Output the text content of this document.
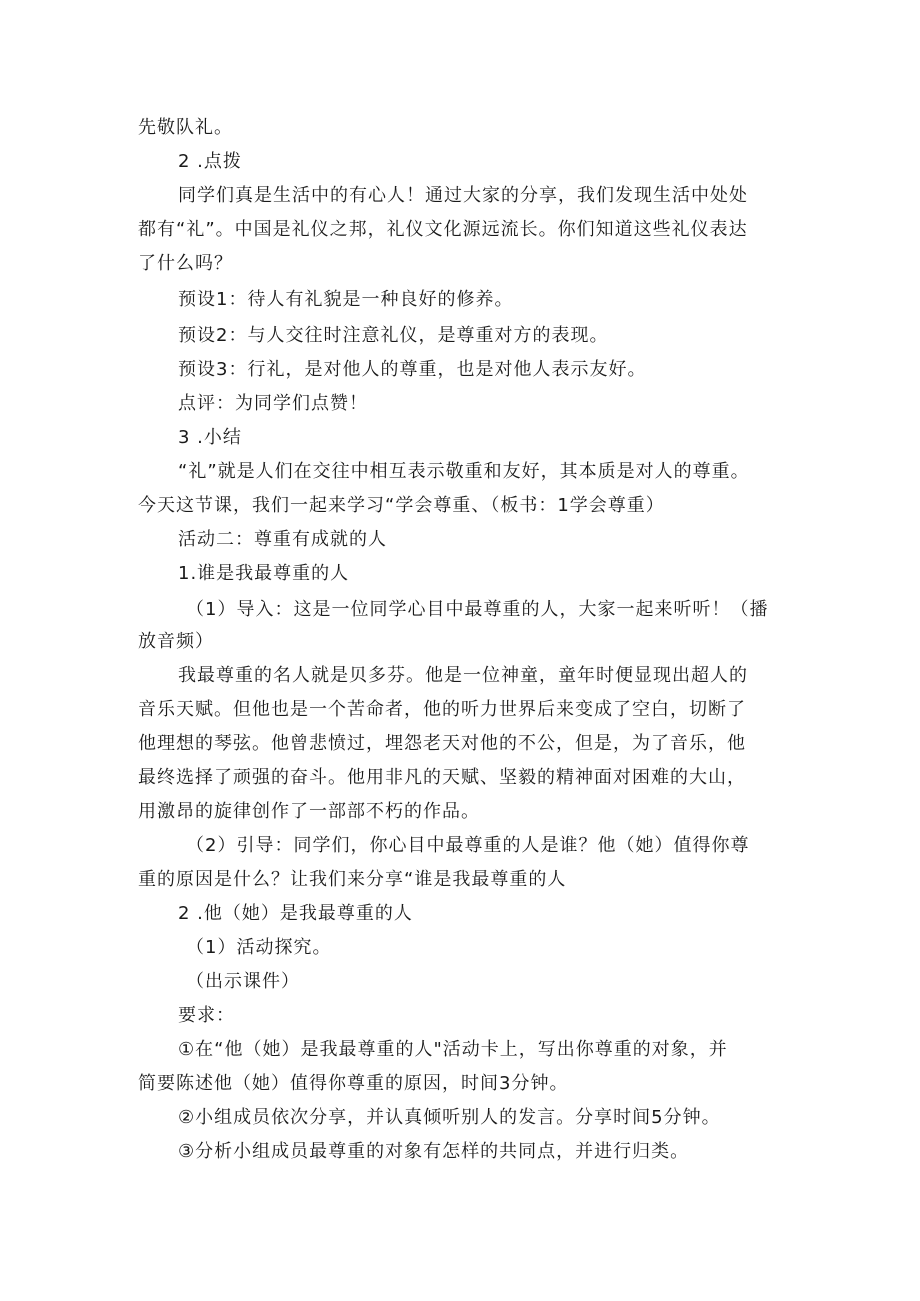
先敬队礼。
2 .点拨
同学们真是生活中的有心人！通过大家的分享，我们发现生活中处处
都有“礼”。中国是礼仪之邦，礼仪文化源远流长。你们知道这些礼仪表达
了什么吗？
预设1：待人有礼貌是一种良好的修养。
预设2：与人交往时注意礼仪，是尊重对方的表现。
预设3：行礼，是对他人的尊重，也是对他人表示友好。
点评：为同学们点赞！
3 .小结
“礼”就是人们在交往中相互表示敬重和友好，其本质是对人的尊重。
今天这节课，我们一起来学习“学会尊重、（板书：1学会尊重）
活动二：尊重有成就的人
1.谁是我最尊重的人
（1）导入：这是一位同学心目中最尊重的人，大家一起来听听！（播
放音频）
我最尊重的名人就是贝多芬。他是一位神童，童年时便显现出超人的
音乐天赋。但他也是一个苦命者，他的听力世界后来变成了空白，切断了
他理想的琴弦。他曾悲愤过，埋怨老天对他的不公，但是，为了音乐，他
最终选择了顽强的奋斗。他用非凡的天赋、坚毅的精神面对困难的大山，
用激昂的旋律创作了一部部不朽的作品。
（2）引导：同学们，你心目中最尊重的人是谁？他（她）值得你尊
重的原因是什么？让我们来分享“谁是我最尊重的人
2 .他（她）是我最尊重的人
（1）活动探究。
（出示课件）
要求：
①在“他（她）是我最尊重的人"活动卡上，写出你尊重的对象，并
简要陈述他（她）值得你尊重的原因，时间3分钟。
②小组成员依次分享，并认真倾听别人的发言。分享时间5分钟。
③分析小组成员最尊重的对象有怎样的共同点，并进行归类。
